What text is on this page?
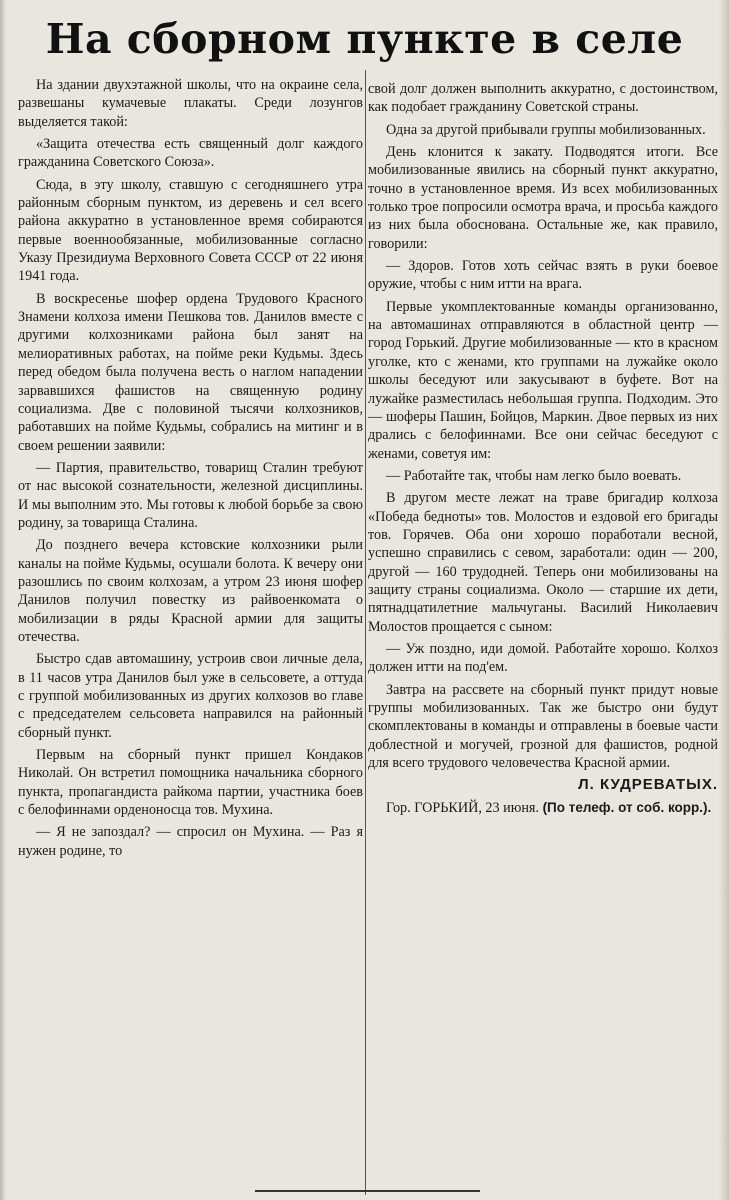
На сборном пункте в селе

На здании двухэтажной школы, что на окраине села, развешаны кумачевые плакаты. Среди лозунгов выделяется такой:

«Защита отечества есть священный долг каждого гражданина Советского Союза».

Сюда, в эту школу, ставшую с сегодняшнего утра районным сборным пунктом, из деревень и сел всего района аккуратно в установленное время собираются первые военнообязанные, мобилизованные согласно Указу Президиума Верховного Совета СССР от 22 июня 1941 года.

В воскресенье шофер ордена Трудового Красного Знамени колхоза имени Пешкова тов. Данилов вместе с другими колхозниками района был занят на мелиоративных работах, на пойме реки Кудьмы. Здесь перед обедом была получена весть о наглом нападении зарвавшихся фашистов на священную родину социализма. Две с половиной тысячи колхозников, работавших на пойме Кудьмы, собрались на митинг и в своем решении заявили:

— Партия, правительство, товарищ Сталин требуют от нас высокой сознательности, железной дисциплины. И мы выполним это. Мы готовы к любой борьбе за свою родину, за товарища Сталина.

До позднего вечера кстовские колхозники рыли каналы на пойме Кудьмы, осушали болота. К вечеру они разошлись по своим колхозам, а утром 23 июня шофер Данилов получил повестку из райвоенкомата о мобилизации в ряды Красной армии для защиты отечества.

Быстро сдав автомашину, устроив свои личные дела, в 11 часов утра Данилов был уже в сельсовете, а оттуда с группой мобилизованных из других колхозов во главе с председателем сельсовета направился на районный сборный пункт.

Первым на сборный пункт пришел Кондаков Николай. Он встретил помощника начальника сборного пункта, пропагандиста райкома партии, участника боев с белофиннами орденоносца тов. Мухина.

— Я не запоздал? — спросил он Мухина. — Раз я нужен родине, то

свой долг должен выполнить аккуратно, с достоинством, как подобает гражданину Советской страны.

Одна за другой прибывали группы мобилизованных.

День клонится к закату. Подводятся итоги. Все мобилизованные явились на сборный пункт аккуратно, точно в установленное время. Из всех мобилизованных только трое попросили осмотра врача, и просьба каждого из них была обоснована. Остальные же, как правило, говорили:

— Здоров. Готов хоть сейчас взять в руки боевое оружие, чтобы с ним итти на врага.

Первые укомплектованные команды организованно, на автомашинах отправляются в областной центр — город Горький. Другие мобилизованные — кто в красном уголке, кто с женами, кто группами на лужайке около школы беседуют или закусывают в буфете. Вот на лужайке разместилась небольшая группа. Подходим. Это — шоферы Пашин, Бойцов, Маркин. Двое первых из них дрались с белофиннами. Все они сейчас беседуют с женами, советуя им:

— Работайте так, чтобы нам легко было воевать.

В другом месте лежат на траве бригадир колхоза «Победа бедноты» тов. Молостов и ездовой его бригады тов. Горячев. Оба они хорошо поработали весной, успешно справились с севом, заработали: один — 200, другой — 160 трудодней. Теперь они мобилизованы на защиту страны социализма. Около — старшие их дети, пятнадцатилетние мальчуганы. Василий Николаевич Молостов прощается с сыном:

— Уж поздно, иди домой. Работайте хорошо. Колхоз должен итти на под'ем.

Завтра на рассвете на сборный пункт придут новые группы мобилизованных. Так же быстро они будут скомплектованы в команды и отправлены в боевые части доблестной и могучей, грозной для фашистов, родной для всего трудового человечества Красной армии.

Л. КУДРЕВАТЫХ.

Гор. ГОРЬКИЙ, 23 июня. (По телеф. от соб. корр.).
